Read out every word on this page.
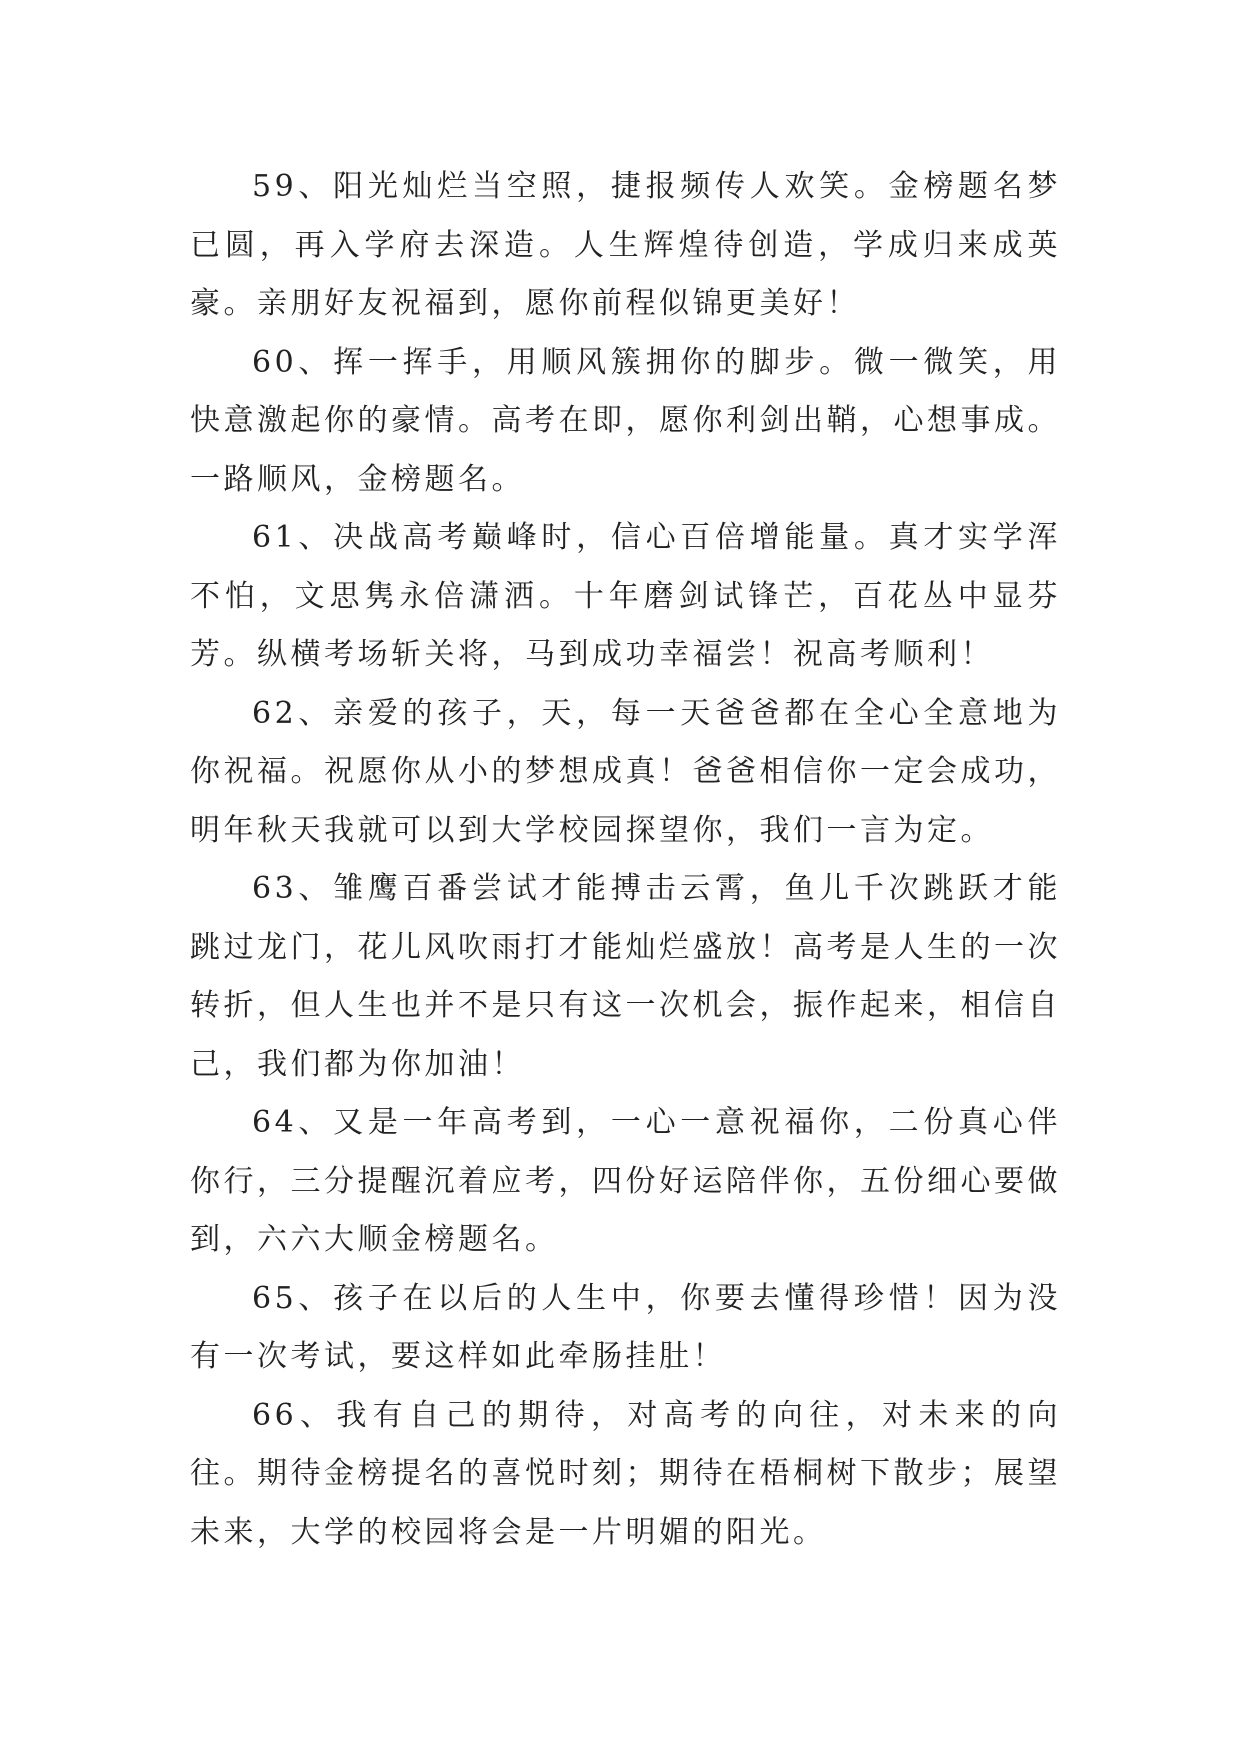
59、阳光灿烂当空照，捷报频传人欢笑。金榜题名梦已圆，再入学府去深造。人生辉煌待创造，学成归来成英豪。亲朋好友祝福到，愿你前程似锦更美好！

60、挥一挥手，用顺风簇拥你的脚步。微一微笑，用快意激起你的豪情。高考在即，愿你利剑出鞘，心想事成。一路顺风，金榜题名。

61、决战高考巅峰时，信心百倍增能量。真才实学浑不怕，文思隽永倍潇洒。十年磨剑试锋芒，百花丛中显芬芳。纵横考场斩关将，马到成功幸福尝！祝高考顺利！

62、亲爱的孩子，天，每一天爸爸都在全心全意地为你祝福。祝愿你从小的梦想成真！爸爸相信你一定会成功，明年秋天我就可以到大学校园探望你，我们一言为定。

63、雏鹰百番尝试才能搏击云霄，鱼儿千次跳跃才能跳过龙门，花儿风吹雨打才能灿烂盛放！高考是人生的一次转折，但人生也并不是只有这一次机会，振作起来，相信自己，我们都为你加油！

64、又是一年高考到，一心一意祝福你，二份真心伴你行，三分提醒沉着应考，四份好运陪伴你，五份细心要做到，六六大顺金榜题名。

65、孩子在以后的人生中，你要去懂得珍惜！因为没有一次考试，要这样如此牵肠挂肚！

66、我有自己的期待，对高考的向往，对未来的向往。期待金榜提名的喜悦时刻；期待在梧桐树下散步；展望未来，大学的校园将会是一片明媚的阳光。
